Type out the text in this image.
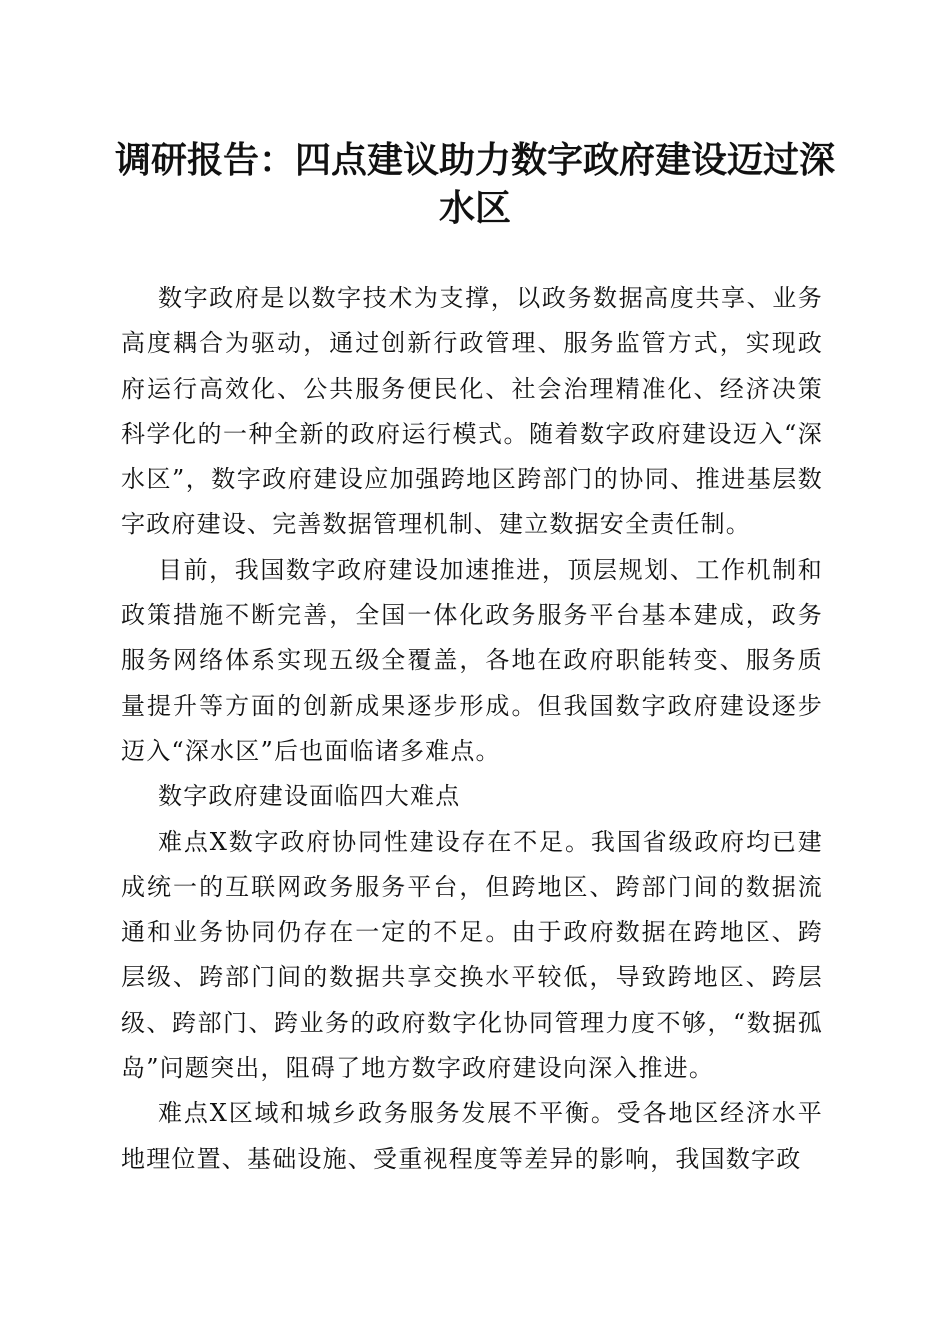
调研报告：四点建议助力数字政府建设迈过深水区

数字政府是以数字技术为支撑，以政务数据高度共享、业务高度耦合为驱动，通过创新行政管理、服务监管方式，实现政府运行高效化、公共服务便民化、社会治理精准化、经济决策科学化的一种全新的政府运行模式。随着数字政府建设迈入“深水区”，数字政府建设应加强跨地区跨部门的协同、推进基层数字政府建设、完善数据管理机制、建立数据安全责任制。

目前，我国数字政府建设加速推进，顶层规划、工作机制和政策措施不断完善，全国一体化政务服务平台基本建成，政务服务网络体系实现五级全覆盖，各地在政府职能转变、服务质量提升等方面的创新成果逐步形成。但我国数字政府建设逐步迈入“深水区”后也面临诸多难点。

数字政府建设面临四大难点

难点X数字政府协同性建设存在不足。我国省级政府均已建成统一的互联网政务服务平台，但跨地区、跨部门间的数据流通和业务协同仍存在一定的不足。由于政府数据在跨地区、跨层级、跨部门间的数据共享交换水平较低，导致跨地区、跨层级、跨部门、跨业务的政府数字化协同管理力度不够，“数据孤岛”问题突出，阻碍了地方数字政府建设向深入推进。

难点X区域和城乡政务服务发展不平衡。受各地区经济水平地理位置、基础设施、受重视程度等差异的影响，我国数字政
